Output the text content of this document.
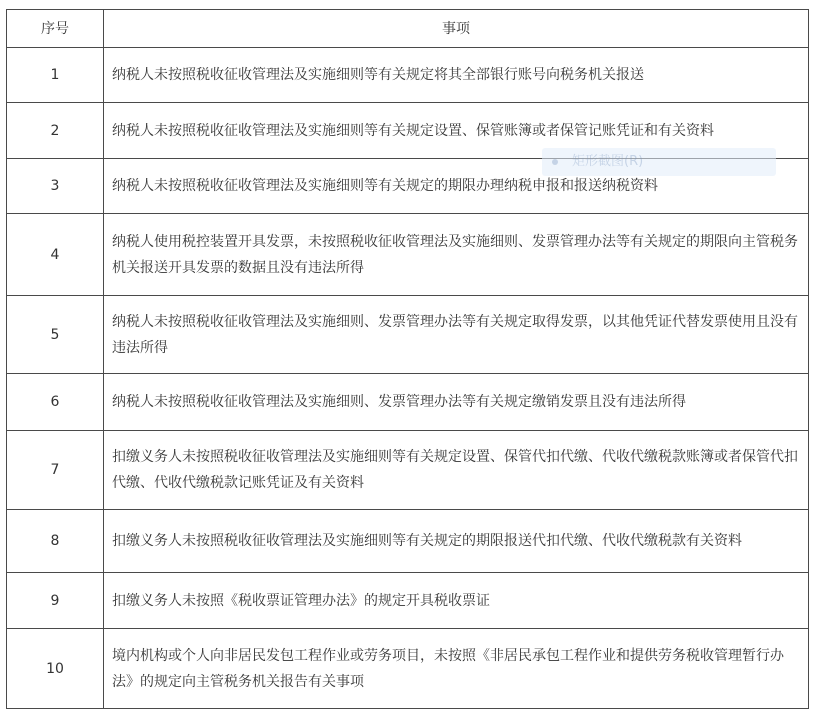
序号	事项
1	纳税人未按照税收征收管理法及实施细则等有关规定将其全部银行账号向税务机关报送
2	纳税人未按照税收征收管理法及实施细则等有关规定设置、保管账簿或者保管记账凭证和有关资料
3	纳税人未按照税收征收管理法及实施细则等有关规定的期限办理纳税申报和报送纳税资料
4	纳税人使用税控装置开具发票，未按照税收征收管理法及实施细则、发票管理办法等有关规定的期限向主管税务机关报送开具发票的数据且没有违法所得
5	纳税人未按照税收征收管理法及实施细则、发票管理办法等有关规定取得发票，以其他凭证代替发票使用且没有违法所得
6	纳税人未按照税收征收管理法及实施细则、发票管理办法等有关规定缴销发票且没有违法所得
7	扣缴义务人未按照税收征收管理法及实施细则等有关规定设置、保管代扣代缴、代收代缴税款账簿或者保管代扣代缴、代收代缴税款记账凭证及有关资料
8	扣缴义务人未按照税收征收管理法及实施细则等有关规定的期限报送代扣代缴、代收代缴税款有关资料
9	扣缴义务人未按照《税收票证管理办法》的规定开具税收票证
10	境内机构或个人向非居民发包工程作业或劳务项目，未按照《非居民承包工程作业和提供劳务税收管理暂行办法》的规定向主管税务机关报告有关事项
矩形截图(R)
